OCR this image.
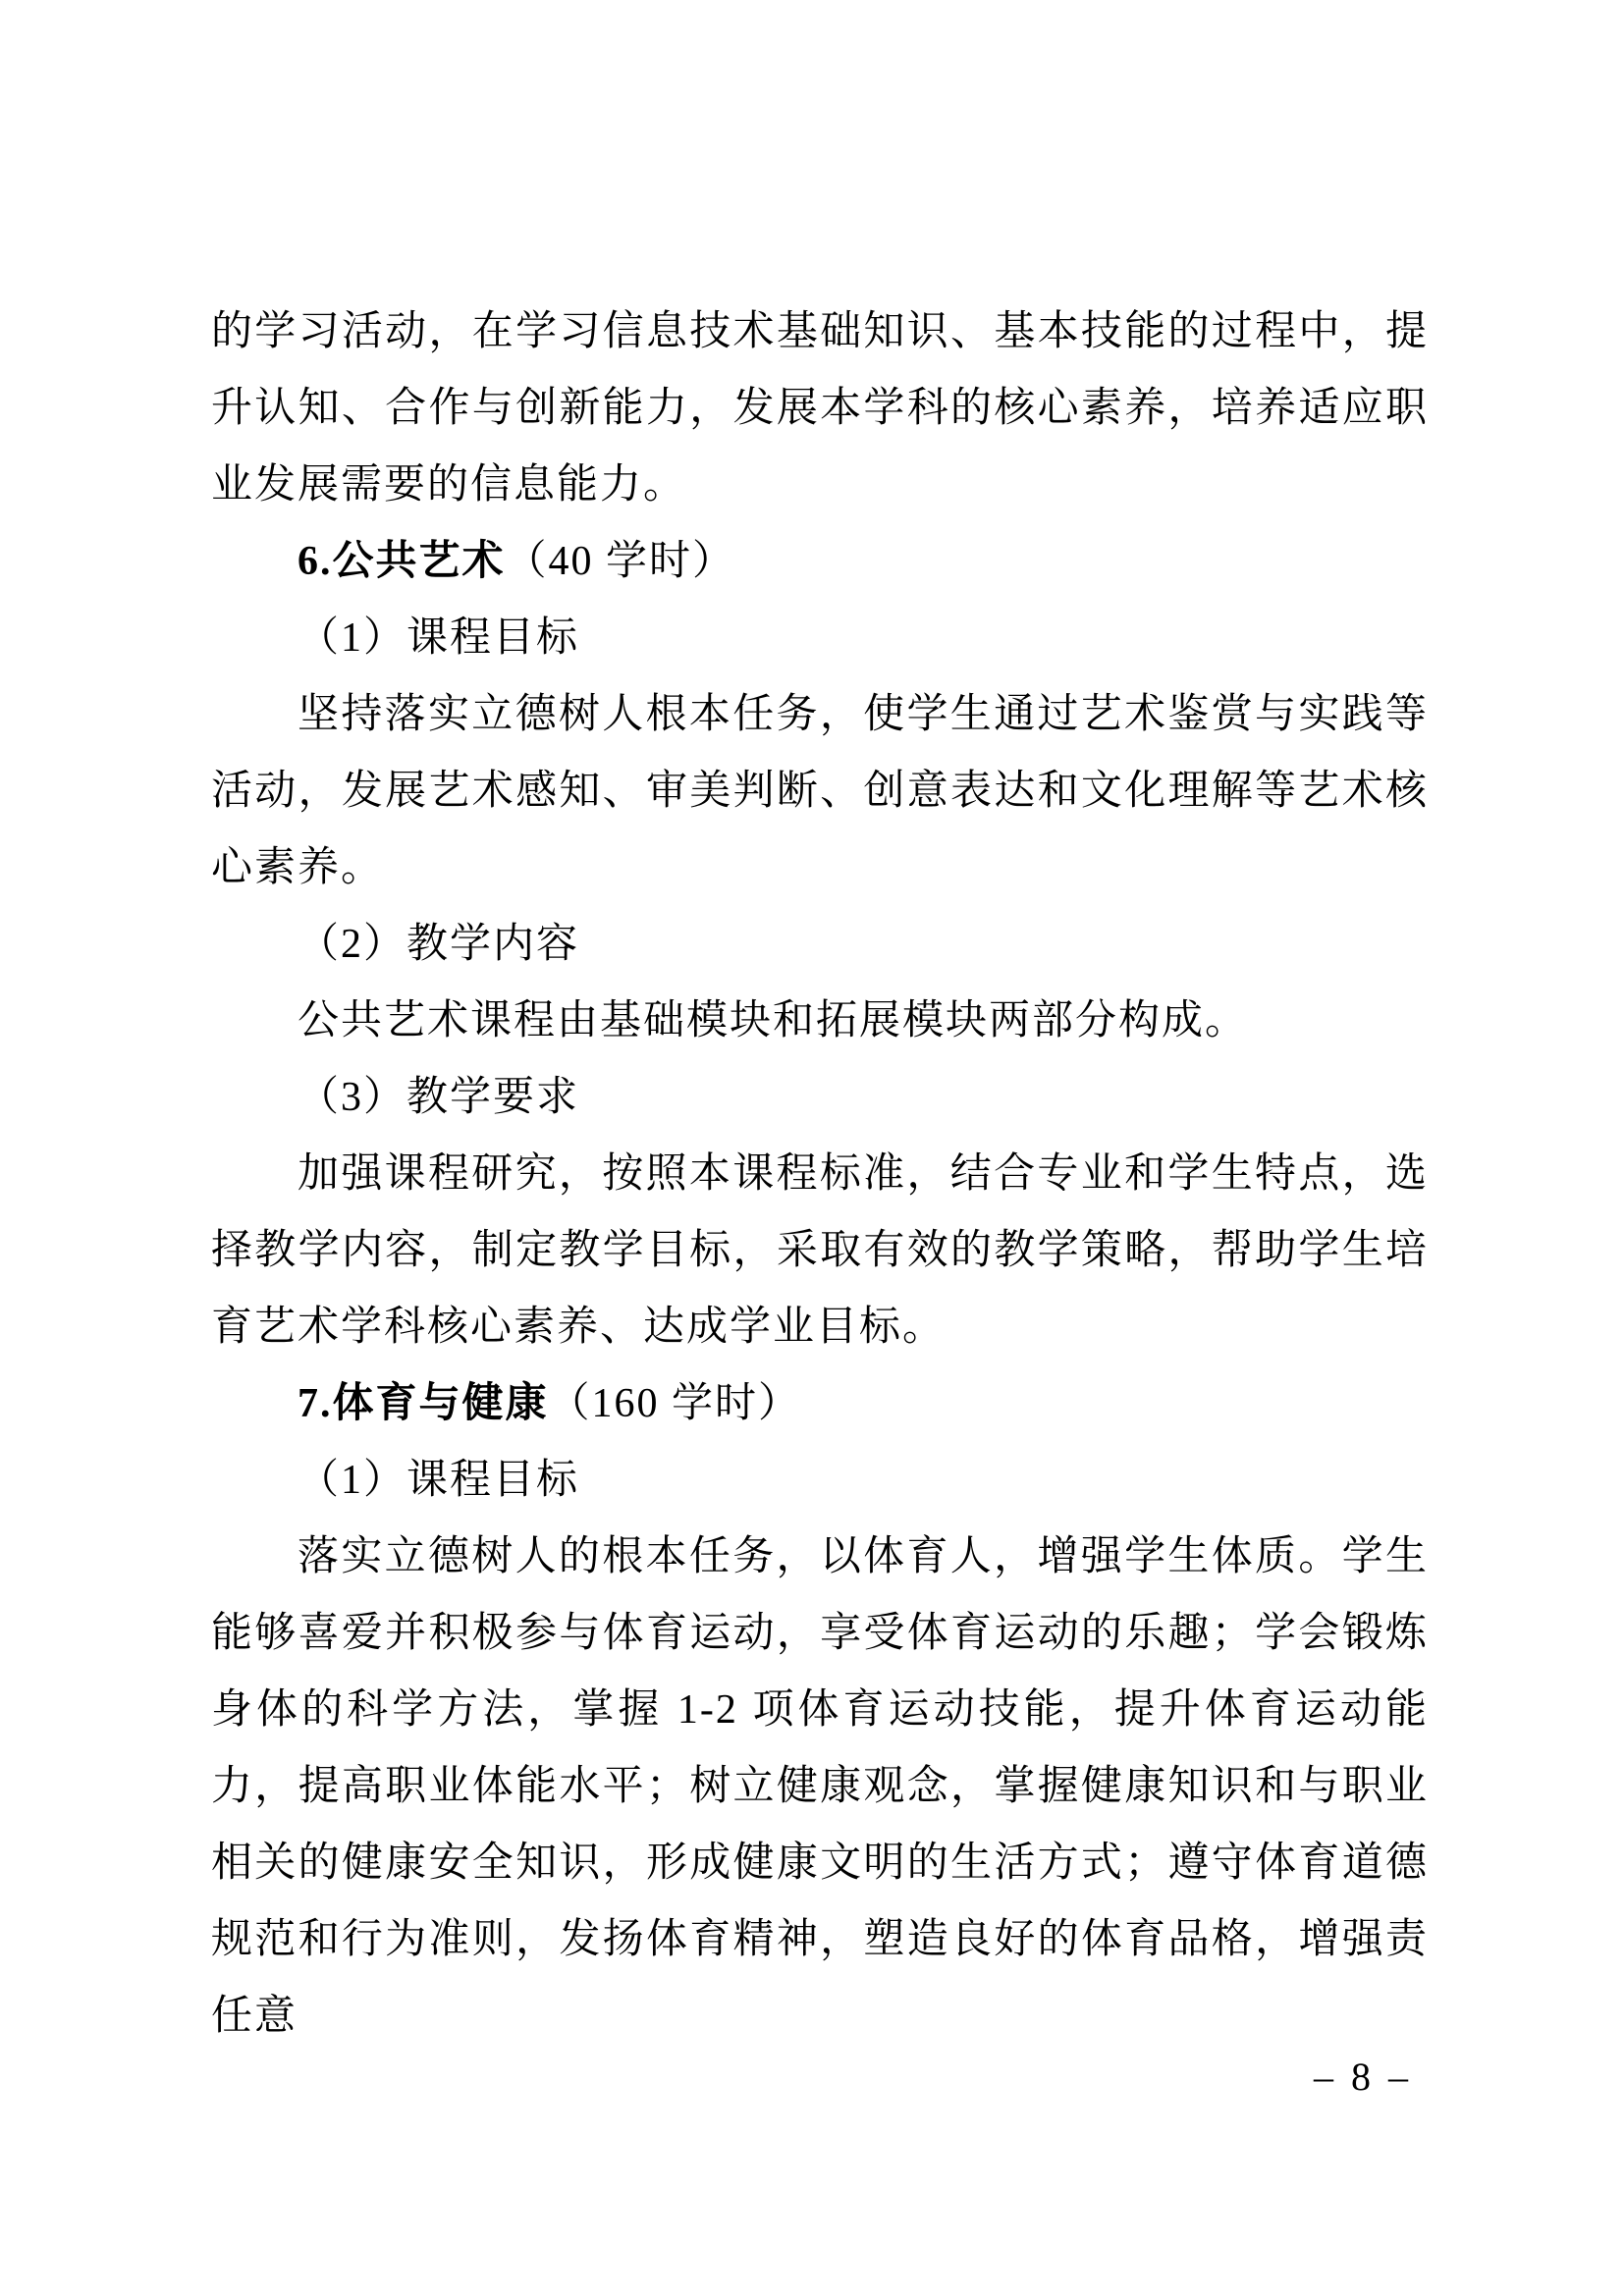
的学习活动，在学习信息技术基础知识、基本技能的过程中，提升认知、合作与创新能力，发展本学科的核心素养，培养适应职业发展需要的信息能力。

6.公共艺术（40 学时）

（1）课程目标

坚持落实立德树人根本任务，使学生通过艺术鉴赏与实践等活动，发展艺术感知、审美判断、创意表达和文化理解等艺术核心素养。

（2）教学内容

公共艺术课程由基础模块和拓展模块两部分构成。

（3）教学要求

加强课程研究，按照本课程标准，结合专业和学生特点，选择教学内容，制定教学目标，采取有效的教学策略，帮助学生培育艺术学科核心素养、达成学业目标。

7.体育与健康（160 学时）

（1）课程目标

落实立德树人的根本任务，以体育人，增强学生体质。学生能够喜爱并积极参与体育运动，享受体育运动的乐趣；学会锻炼身体的科学方法，掌握 1-2 项体育运动技能，提升体育运动能力，提高职业体能水平；树立健康观念，掌握健康知识和与职业相关的健康安全知识，形成健康文明的生活方式；遵守体育道德规范和行为准则，发扬体育精神，塑造良好的体育品格，增强责任意

– 8 –
